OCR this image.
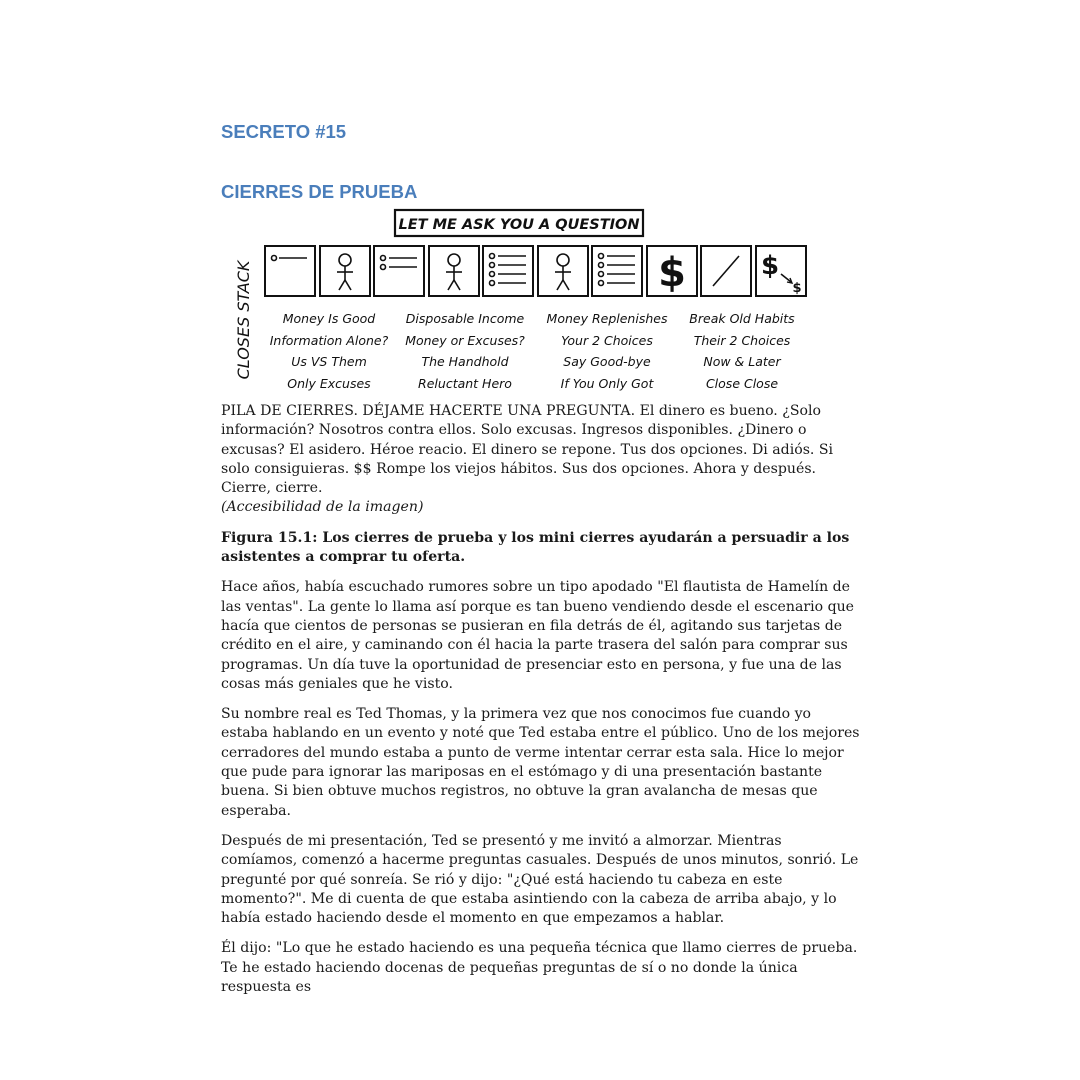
SECRETO #15
CIERRES DE PRUEBA
LET ME ASK YOU A QUESTION
CLOSES STACK	$	$
$
Money Is Good
Information Alone?
Us VS Them
Only Excuses
Disposable Income
Money or Excuses?
The Handhold
Reluctant Hero
Money Replenishes
Your 2 Choices
Say Good-bye
If You Only Got
Break Old Habits
Their 2 Choices
Now & Later
Close Close

PILA DE CIERRES. DÉJAME HACERTE UNA PREGUNTA. El dinero es bueno. ¿Solo información? Nosotros contra ellos. Solo excusas. Ingresos disponibles. ¿Dinero o excusas? El asidero. Héroe reacio. El dinero se repone. Tus dos opciones. Di adiós. Si solo consiguieras. $$ Rompe los viejos hábitos. Sus dos opciones. Ahora y después. Cierre, cierre.
(Accesibilidad de la imagen)

Figura 15.1: Los cierres de prueba y los mini cierres ayudarán a persuadir a los asistentes a comprar tu oferta.

Hace años, había escuchado rumores sobre un tipo apodado "El flautista de Hamelín de las ventas". La gente lo llama así porque es tan bueno vendiendo desde el escenario que hacía que cientos de personas se pusieran en fila detrás de él, agitando sus tarjetas de crédito en el aire, y caminando con él hacia la parte trasera del salón para comprar sus programas. Un día tuve la oportunidad de presenciar esto en persona, y fue una de las cosas más geniales que he visto.

Su nombre real es Ted Thomas, y la primera vez que nos conocimos fue cuando yo estaba hablando en un evento y noté que Ted estaba entre el público. Uno de los mejores cerradores del mundo estaba a punto de verme intentar cerrar esta sala. Hice lo mejor que pude para ignorar las mariposas en el estómago y di una presentación bastante buena. Si bien obtuve muchos registros, no obtuve la gran avalancha de mesas que esperaba.

Después de mi presentación, Ted se presentó y me invitó a almorzar. Mientras comíamos, comenzó a hacerme preguntas casuales. Después de unos minutos, sonrió. Le pregunté por qué sonreía. Se rió y dijo: "¿Qué está haciendo tu cabeza en este momento?". Me di cuenta de que estaba asintiendo con la cabeza de arriba abajo, y lo había estado haciendo desde el momento en que empezamos a hablar.

Él dijo: "Lo que he estado haciendo es una pequeña técnica que llamo cierres de prueba. Te he estado haciendo docenas de pequeñas preguntas de sí o no donde la única respuesta es
